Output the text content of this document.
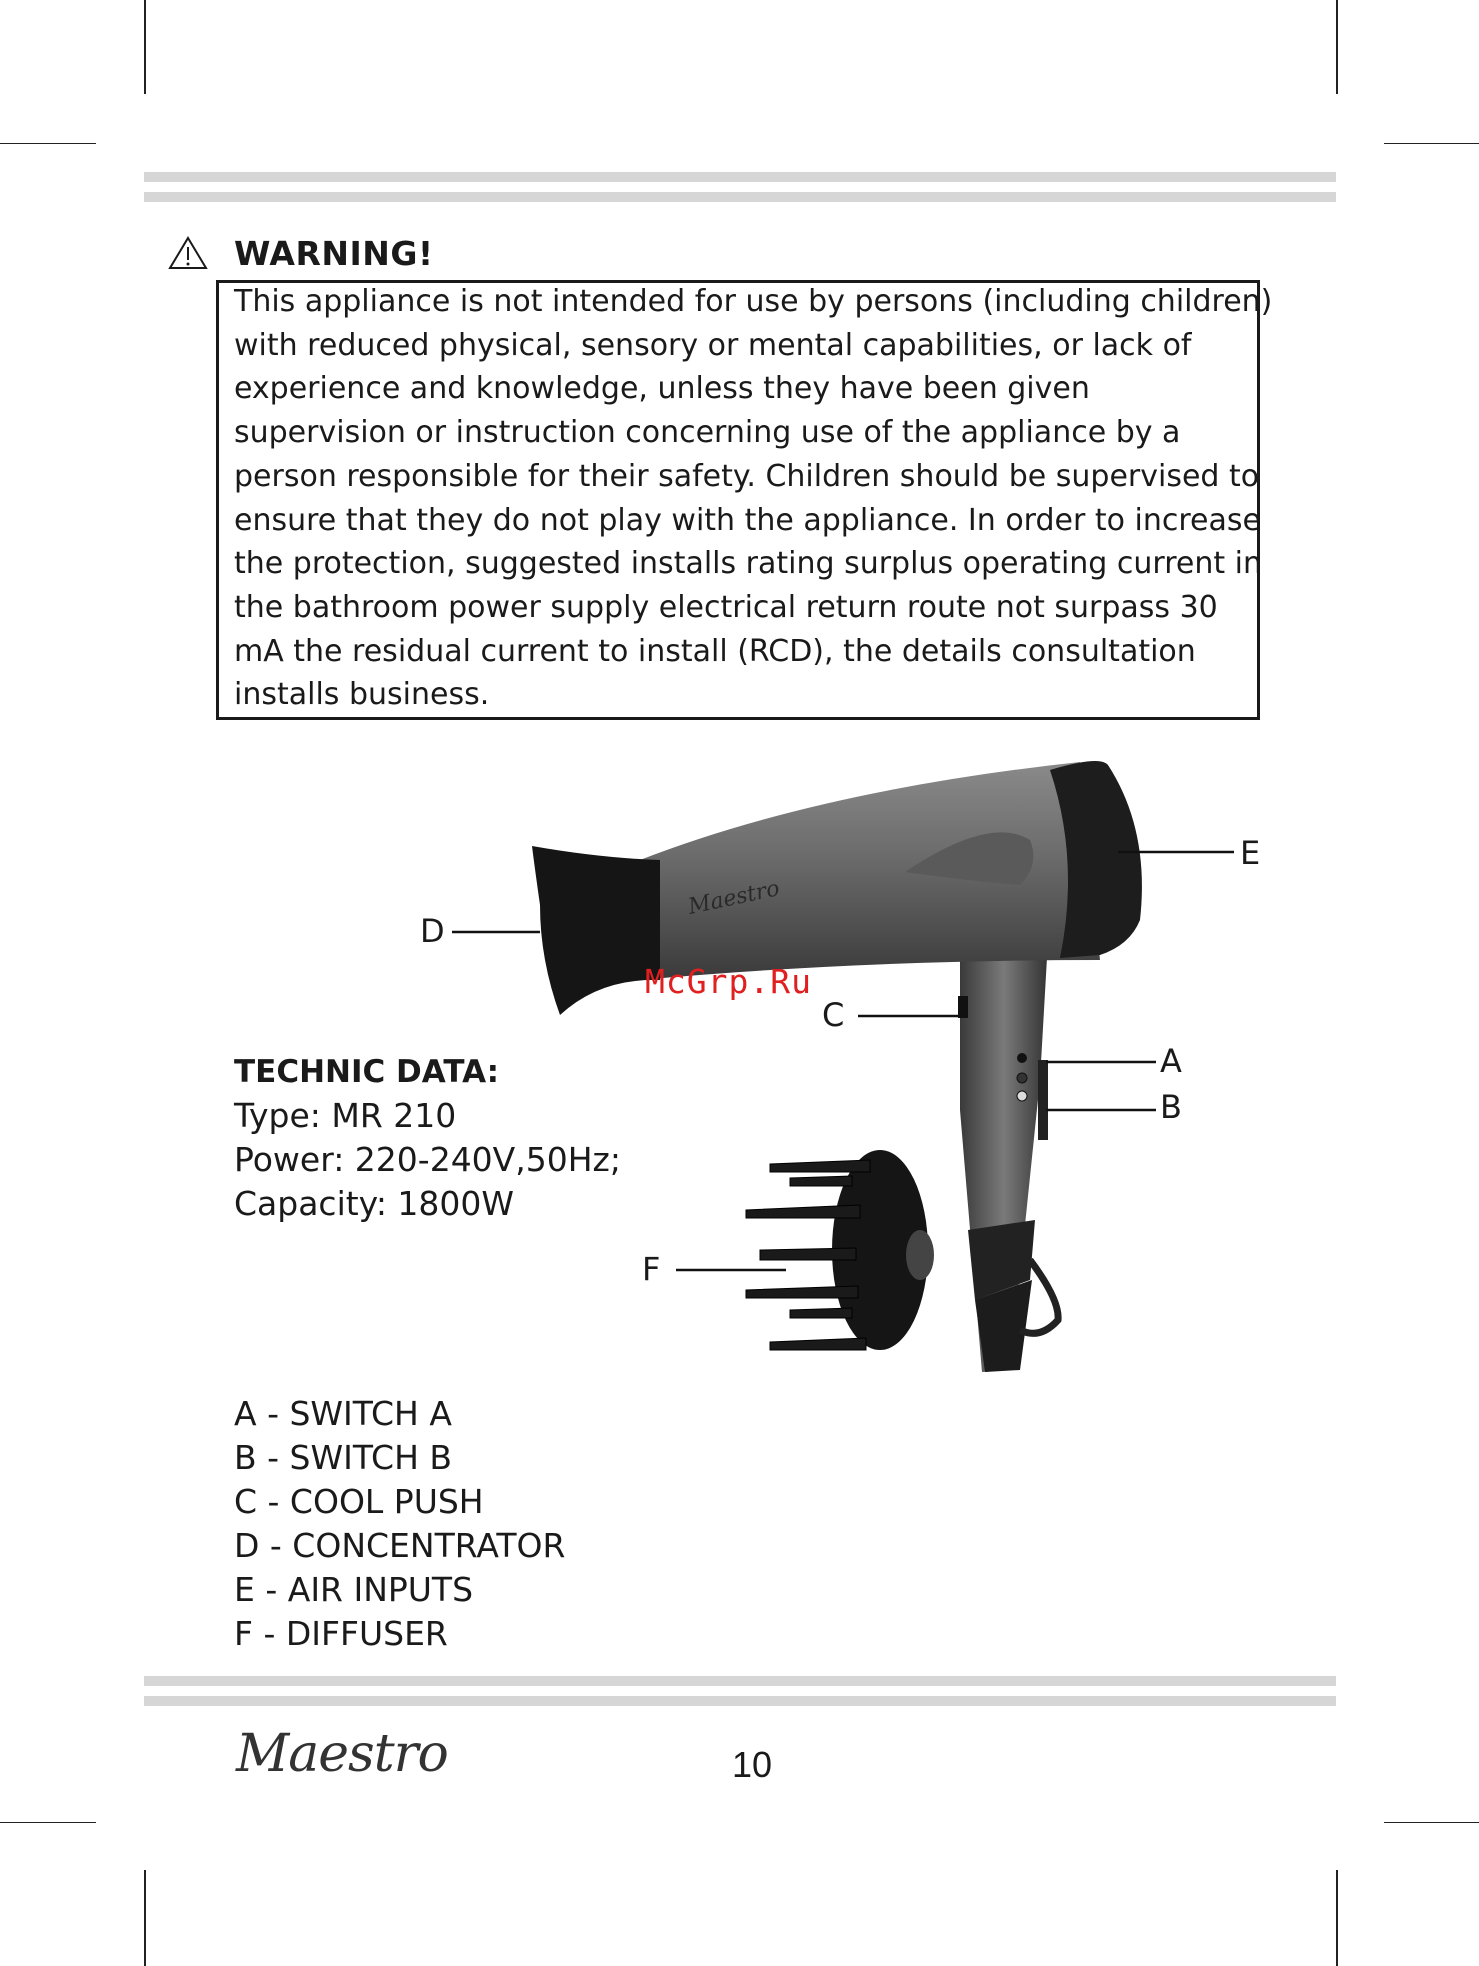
WARNING!
This appliance is not intended for use by persons (including children)
with reduced physical, sensory or mental capabilities, or lack of
experience and knowledge, unless they have been given
supervision or instruction concerning use of the appliance by a
person responsible for their safety. Children should be supervised to
ensure that they do not play with the appliance. In order to increase
the protection, suggested installs rating surplus operating current in
the bathroom power supply electrical return route not surpass 30
mA the residual current to install (RCD), the details consultation
installs business.
Maestro
D
E
C
A
B
F
McGrp.Ru
TECHNIC DATA:
Type: MR 210
Power: 220-240V,50Hz;
Capacity: 1800W
A - SWITCH A
B - SWITCH B
C - COOL PUSH
D - CONCENTRATOR
E - AIR INPUTS
F - DIFFUSER
Maestro	10
